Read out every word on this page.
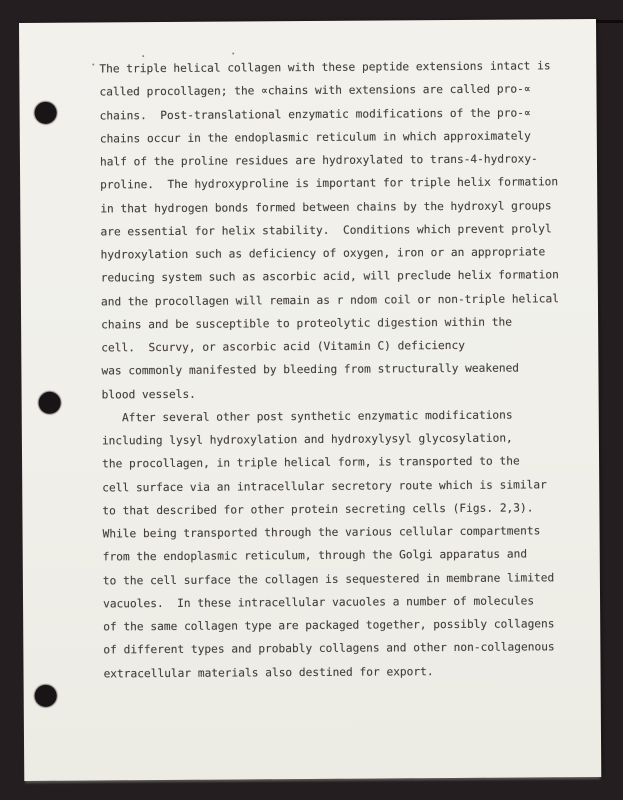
The triple helical collagen with these peptide extensions intact is
called procollagen; the ∝chains with extensions are called pro-∝
chains.  Post-translational enzymatic modifications of the pro-∝
chains occur in the endoplasmic reticulum in which approximately
half of the proline residues are hydroxylated to trans-4-hydroxy-
proline.  The hydroxyproline is important for triple helix formation
in that hydrogen bonds formed between chains by the hydroxyl groups
are essential for helix stability.  Conditions which prevent prolyl
hydroxylation such as deficiency of oxygen, iron or an appropriate
reducing system such as ascorbic acid, will preclude helix formation
and the procollagen will remain as r ndom coil or non-triple helical
chains and be susceptible to proteolytic digestion within the
cell.  Scurvy, or ascorbic acid (Vitamin C) deficiency
was commonly manifested by bleeding from structurally weakened
blood vessels.
After several other post synthetic enzymatic modifications
including lysyl hydroxylation and hydroxylysyl glycosylation,
the procollagen, in triple helical form, is transported to the
cell surface via an intracellular secretory route which is similar
to that described for other protein secreting cells (Figs. 2,3).
While being transported through the various cellular compartments
from the endoplasmic reticulum, through the Golgi apparatus and
to the cell surface the collagen is sequestered in membrane limited
vacuoles.  In these intracellular vacuoles a number of molecules
of the same collagen type are packaged together, possibly collagens
of different types and probably collagens and other non-collagenous
extracellular materials also destined for export.
